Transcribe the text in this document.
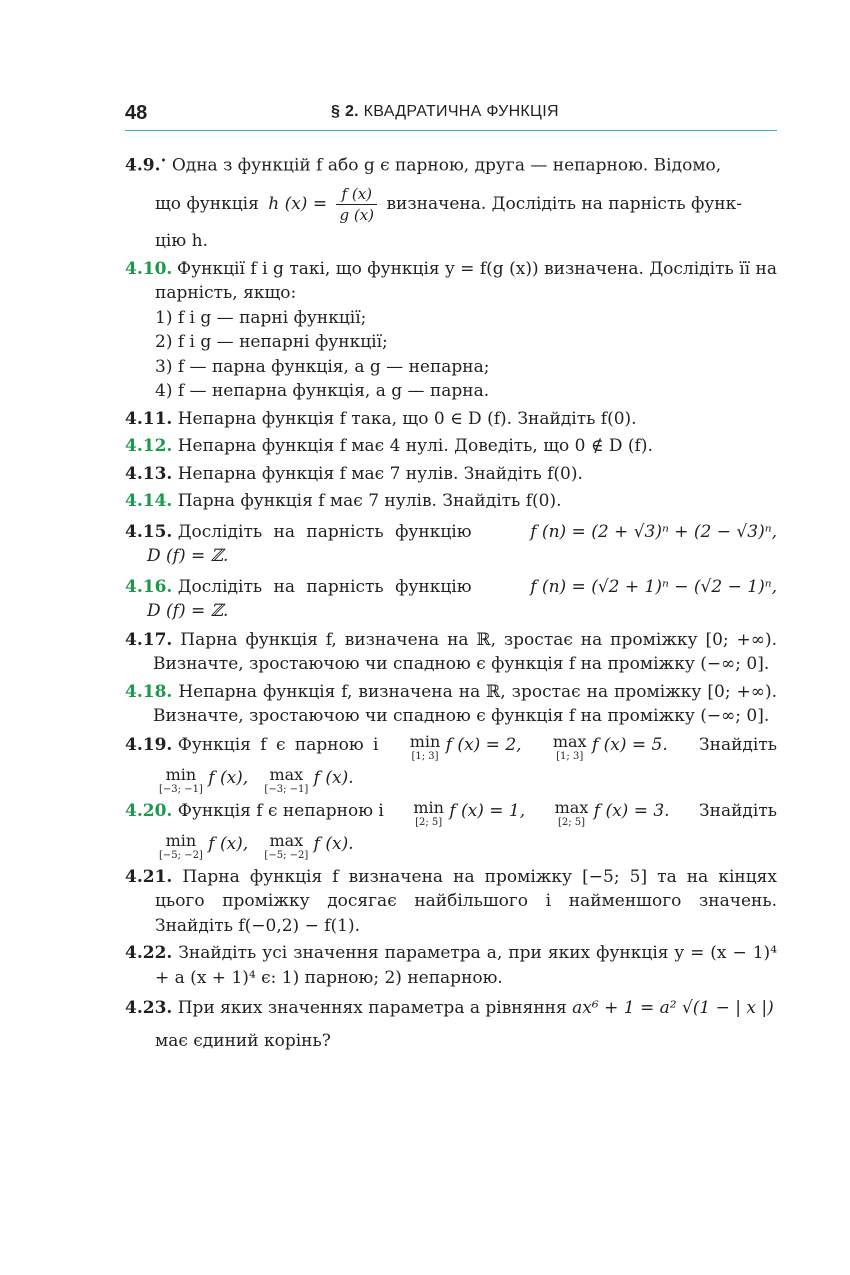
48	§ 2. КВАДРАТИЧНА ФУНКЦІЯ
4.9.• Одна з функцій f або g є парною, друга — непарною. Відомо,
що функція h $(x) = \frac{f (x)}{g (x)}$ визначена. Дослідіть на парність функ-
цію h.
4.10. Функції f і g такі, що функція y = f(g (x)) визначена. Дослідіть її на парність, якщо:
1) f і g — парні функції;
2) f і g — непарні функції;
3) f — парна функція, а g — непарна;
4) f — непарна функція, а g — парна.
4.11. Непарна функція f така, що 0 ∈ D (f). Знайдіть f(0).
4.12. Непарна функція f має 4 нулі. Доведіть, що 0 ∉ D (f).
4.13. Непарна функція f має 7 нулів. Знайдіть f(0).
4.14. Парна функція f має 7 нулів. Знайдіть f(0).
4.15. Дослідіть на парність функцію	f (n) = (2 + √3)ⁿ + (2 − √3)ⁿ,
D (f) = ℤ.
4.16. Дослідіть на парність функцію	f (n) = (√2 + 1)ⁿ − (√2 − 1)ⁿ,
D (f) = ℤ.
4.17. Парна функція f, визначена на ℝ, зростає на проміжку [0; +∞). Визначте, зростаючою чи спадною є функція f на проміжку (−∞; 0].
4.18. Непарна функція f, визначена на ℝ, зростає на проміжку [0; +∞). Визначте, зростаючою чи спадною є функція f на проміжку (−∞; 0].
4.19. Функція f є парною і min
[1; 3]
f (x) = 2, max
[1; 3]
f (x) = 5. Знайдіть
min
[−3; −1]
f (x),	max
[−3; −1]
f (x).
4.20. Функція f є непарною і min
[2; 5]
f (x) = 1, max
[2; 5]
f (x) = 3. Знайдіть
min
[−5; −2]
f (x),	max
[−5; −2]
f (x).
4.21. Парна функція f визначена на проміжку [−5; 5] та на кінцях цього проміжку досягає найбільшого і найменшого значень. Знайдіть f(−0,2) − f(1).
4.22. Знайдіть усі значення параметра a, при яких функція y = (x − 1)⁴ + a (x + 1)⁴ є: 1) парною; 2) непарною.
4.23. При яких значеннях параметра a рівняння ax⁶ + 1 = a² √(1 − | x |)
має єдиний корінь?
